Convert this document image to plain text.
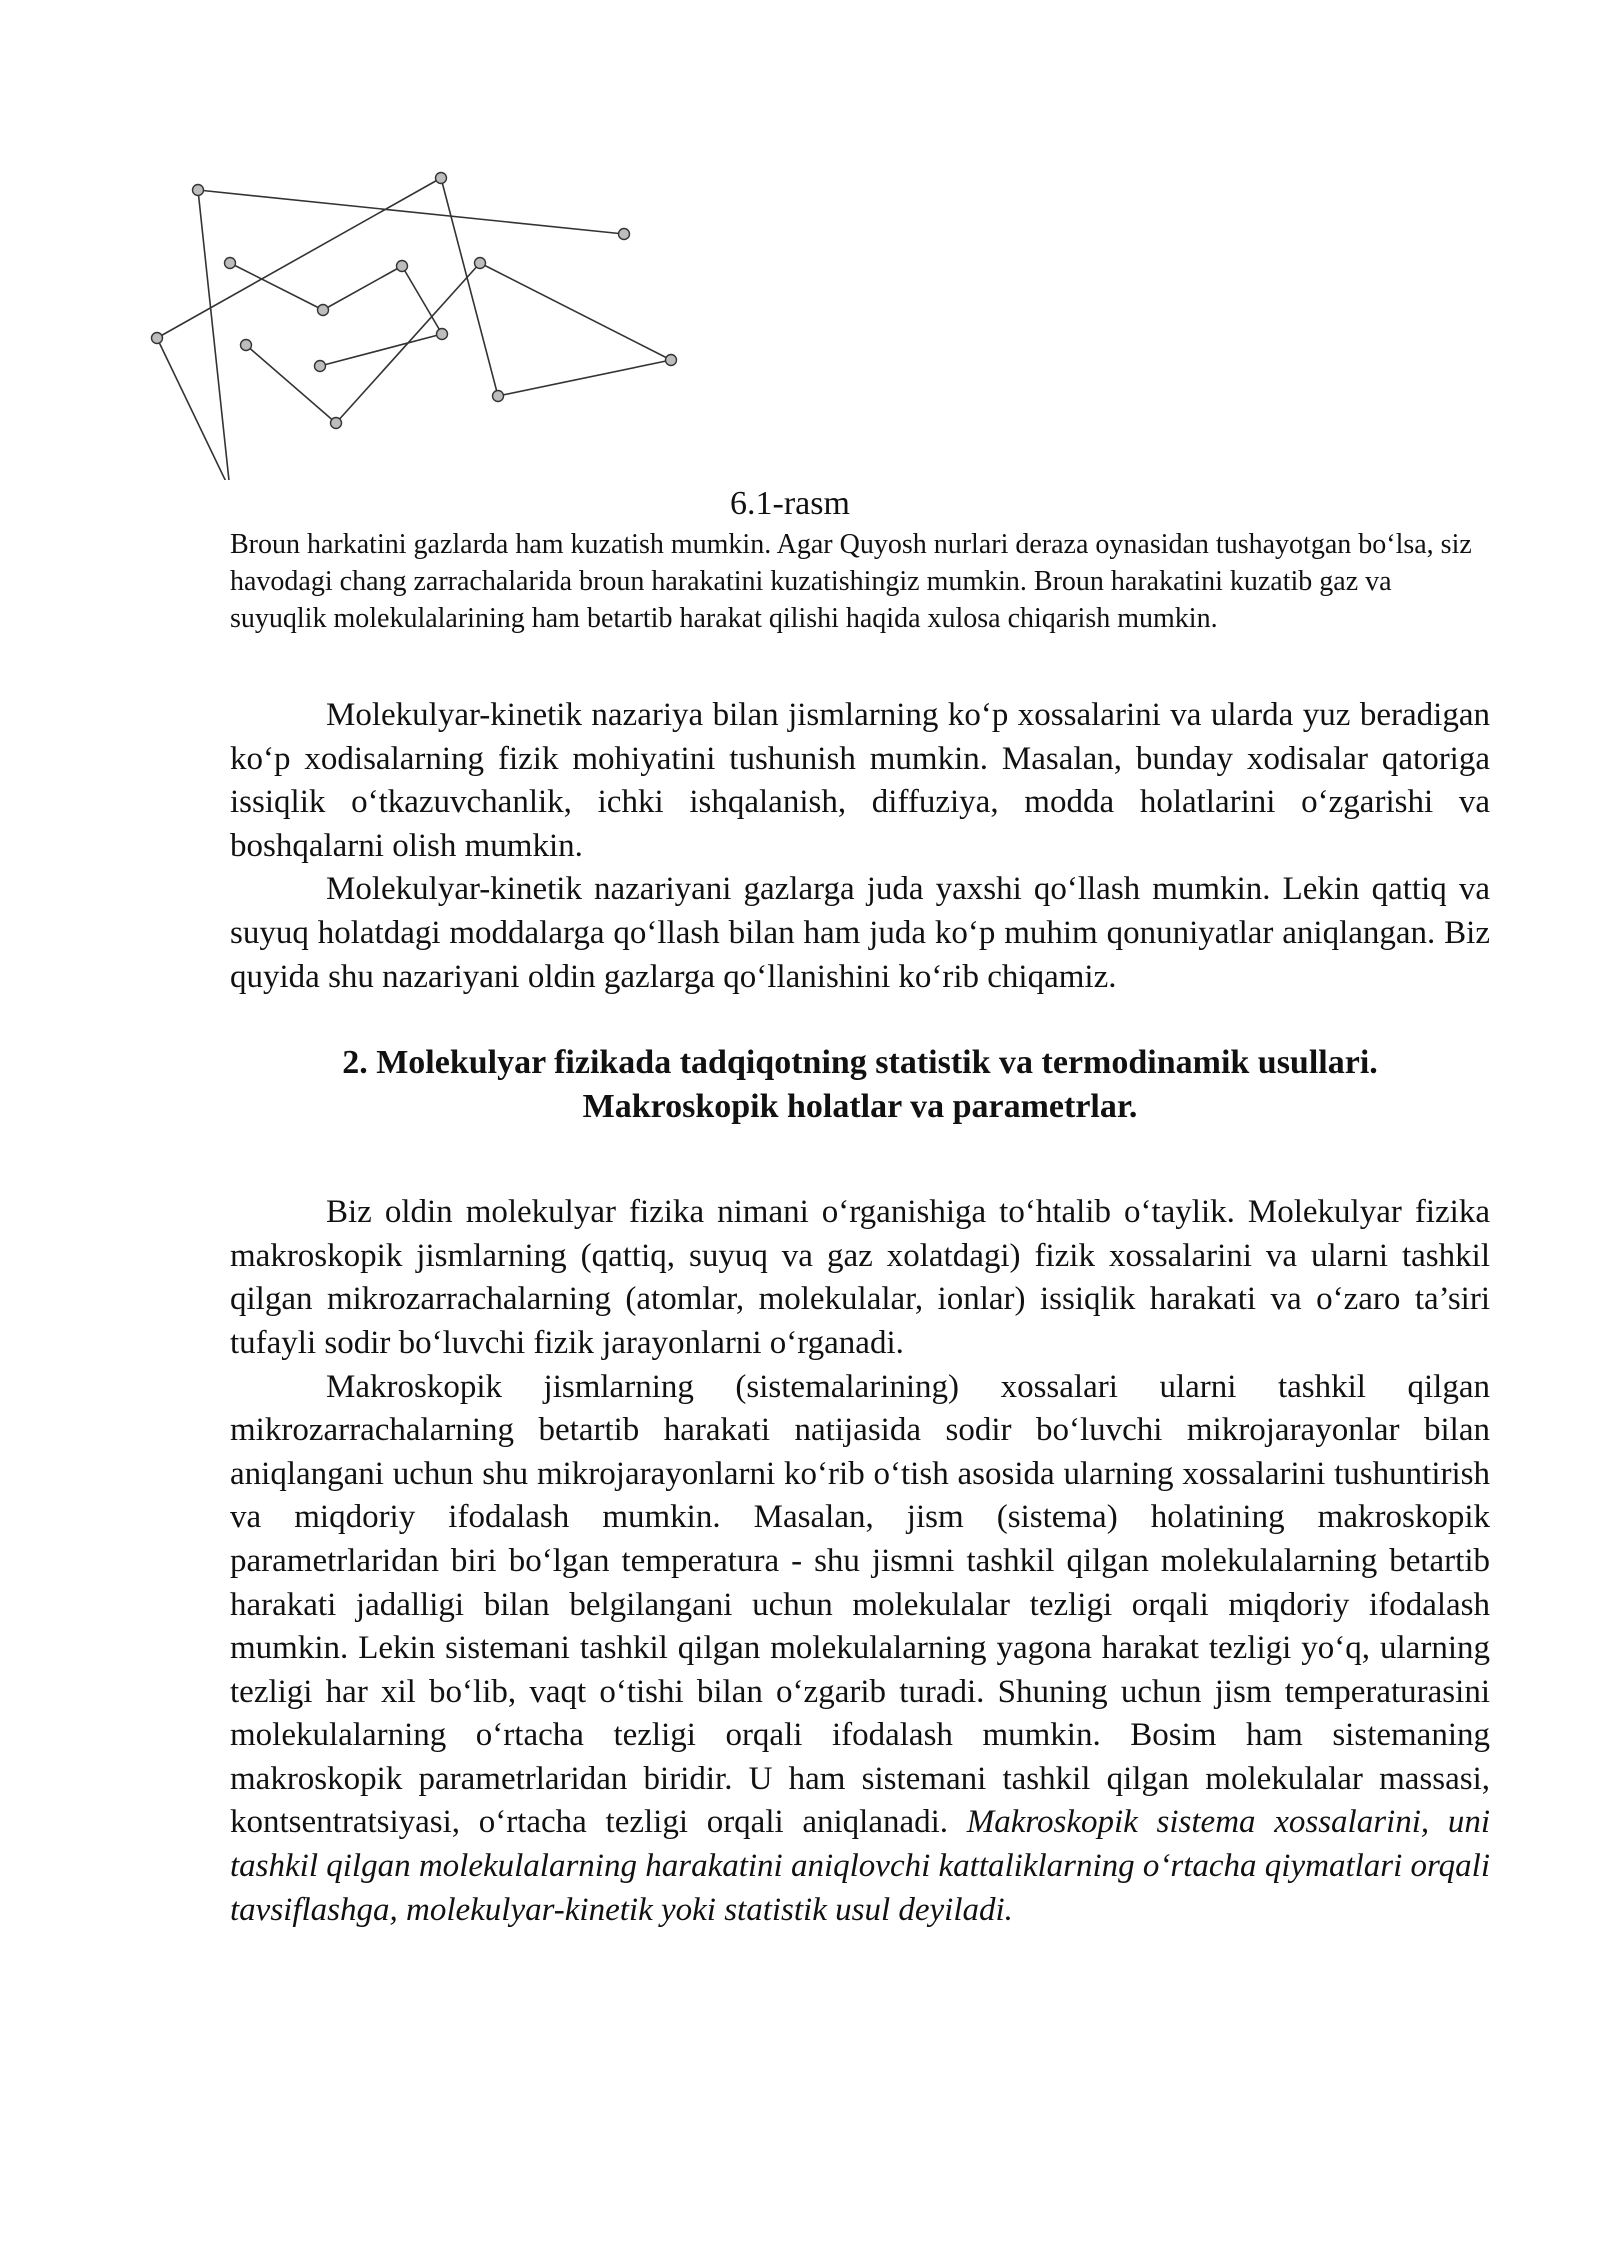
6.1-rasm
Broun harkatini gazlarda ham kuzatish mumkin. Agar Quyosh nurlari deraza oynasidan tushayotgan bo‘lsa, siz havodagi chang zarrachalarida broun harakatini kuzatishingiz mumkin. Broun harakatini kuzatib gaz va suyuqlik molekulalarining ham betartib harakat qilishi haqida xulosa chiqarish mumkin.

Molekulyar-kinetik nazariya bilan jismlarning ko‘p xossalarini va ularda yuz beradigan ko‘p xodisalarning fizik mohiyatini tushunish mumkin. Masalan, bunday xodisalar qatoriga issiqlik o‘tkazuvchanlik, ichki ishqalanish, diffuziya, modda holatlarini o‘zgarishi va boshqalarni olish mumkin.

Molekulyar-kinetik nazariyani gazlarga juda yaxshi qo‘llash mumkin. Lekin qattiq va suyuq holatdagi moddalarga qo‘llash bilan ham juda ko‘p muhim qonuniyatlar aniqlangan. Biz quyida shu nazariyani oldin gazlarga qo‘llanishini ko‘rib chiqamiz.

2. Molekulyar fizikada tadqiqotning statistik va termodinamik usullari.
Makroskopik holatlar va parametrlar.

Biz oldin molekulyar fizika nimani o‘rganishiga to‘htalib o‘taylik. Molekulyar fizika makroskopik jismlarning (qattiq, suyuq va gaz xolatdagi) fizik xossalarini va ularni tashkil qilgan mikrozarrachalarning (atomlar, molekulalar, ionlar) issiqlik harakati va o‘zaro ta’siri tufayli sodir bo‘luvchi fizik jarayonlarni o‘rganadi.

Makroskopik jismlarning (sistemalarining) xossalari ularni tashkil qilgan mikrozarrachalarning betartib harakati natijasida sodir bo‘luvchi mikrojarayonlar bilan aniqlangani uchun shu mikrojarayonlarni ko‘rib o‘tish asosida ularning xossalarini tushuntirish va miqdoriy ifodalash mumkin. Masalan, jism (sistema) holatining makroskopik parametrlaridan biri bo‘lgan temperatura - shu jismni tashkil qilgan molekulalarning betartib harakati jadalligi bilan belgilangani uchun molekulalar tezligi orqali miqdoriy ifodalash mumkin. Lekin sistemani tashkil qilgan molekulalarning yagona harakat tezligi yo‘q, ularning tezligi har xil bo‘lib, vaqt o‘tishi bilan o‘zgarib turadi. Shuning uchun jism temperaturasini molekulalarning o‘rtacha tezligi orqali ifodalash mumkin. Bosim ham sistemaning makroskopik parametrlaridan biridir. U ham sistemani tashkil qilgan molekulalar massasi, kontsentratsiyasi, o‘rtacha tezligi orqali aniqlanadi. Makroskopik sistema xossalarini, uni tashkil qilgan molekulalarning harakatini aniqlovchi kattaliklarning o‘rtacha qiymatlari orqali tavsiflashga, molekulyar-kinetik yoki statistik usul deyiladi.
